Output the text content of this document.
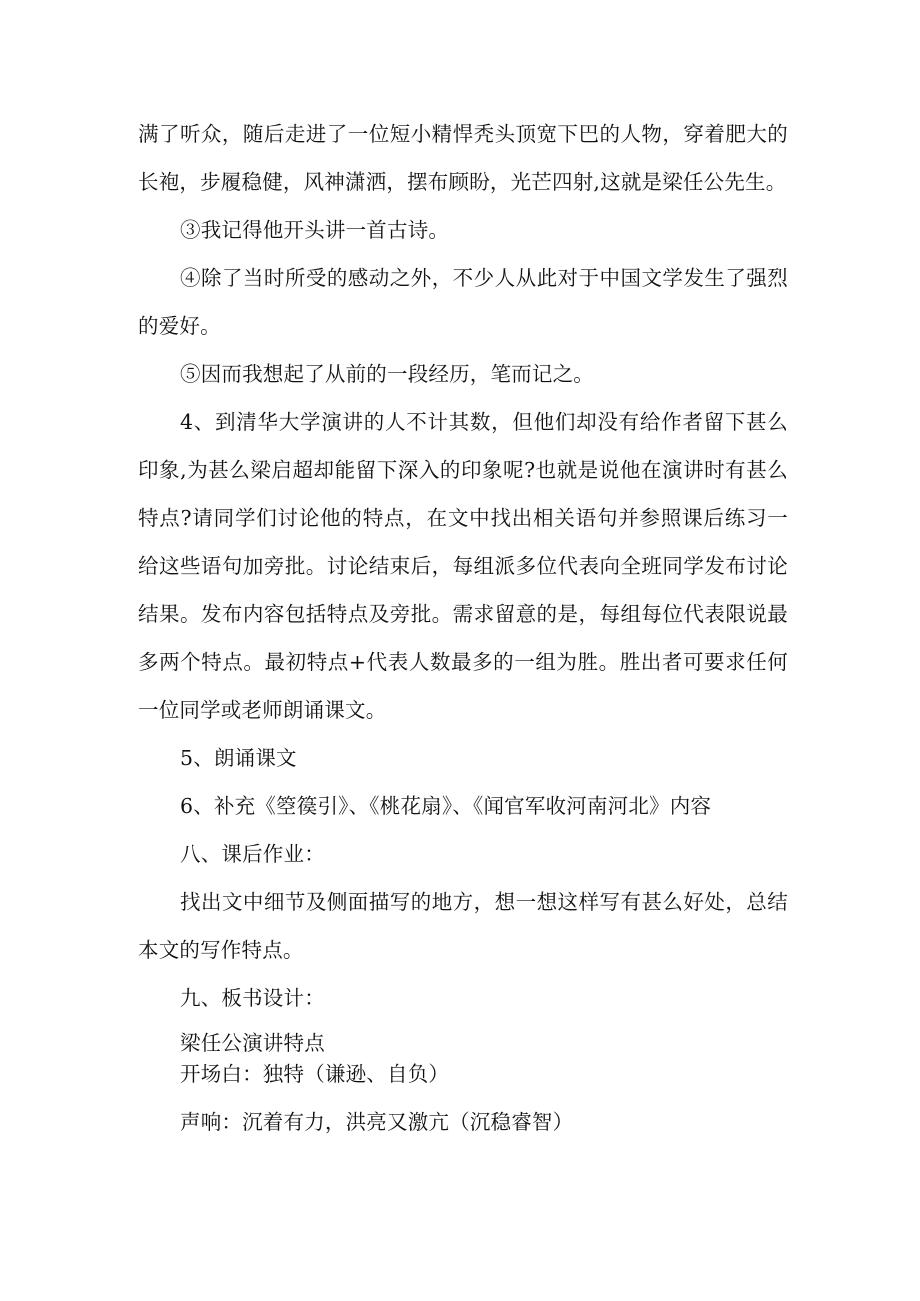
满了听众，随后走进了一位短小精悍秃头顶宽下巴的人物，穿着肥大的长袍，步履稳健，风神潇洒，摆布顾盼，光芒四射,这就是梁任公先生。

③我记得他开头讲一首古诗。

④除了当时所受的感动之外，不少人从此对于中国文学发生了强烈的爱好。

⑤因而我想起了从前的一段经历，笔而记之。

4、到清华大学演讲的人不计其数，但他们却没有给作者留下甚么印象,为甚么梁启超却能留下深入的印象呢?也就是说他在演讲时有甚么特点?请同学们讨论他的特点，在文中找出相关语句并参照课后练习一给这些语句加旁批。讨论结束后，每组派多位代表向全班同学发布讨论结果。发布内容包括特点及旁批。需求留意的是，每组每位代表限说最多两个特点。最初特点+代表人数最多的一组为胜。胜出者可要求任何一位同学或老师朗诵课文。

5、朗诵课文

6、补充《箜篌引》、《桃花扇》、《闻官军收河南河北》内容

八、课后作业：

找出文中细节及侧面描写的地方，想一想这样写有甚么好处，总结本文的写作特点。

九、板书设计：

梁任公演讲特点

开场白：独特（谦逊、自负）

声响：沉着有力，洪亮又激亢（沉稳睿智）
